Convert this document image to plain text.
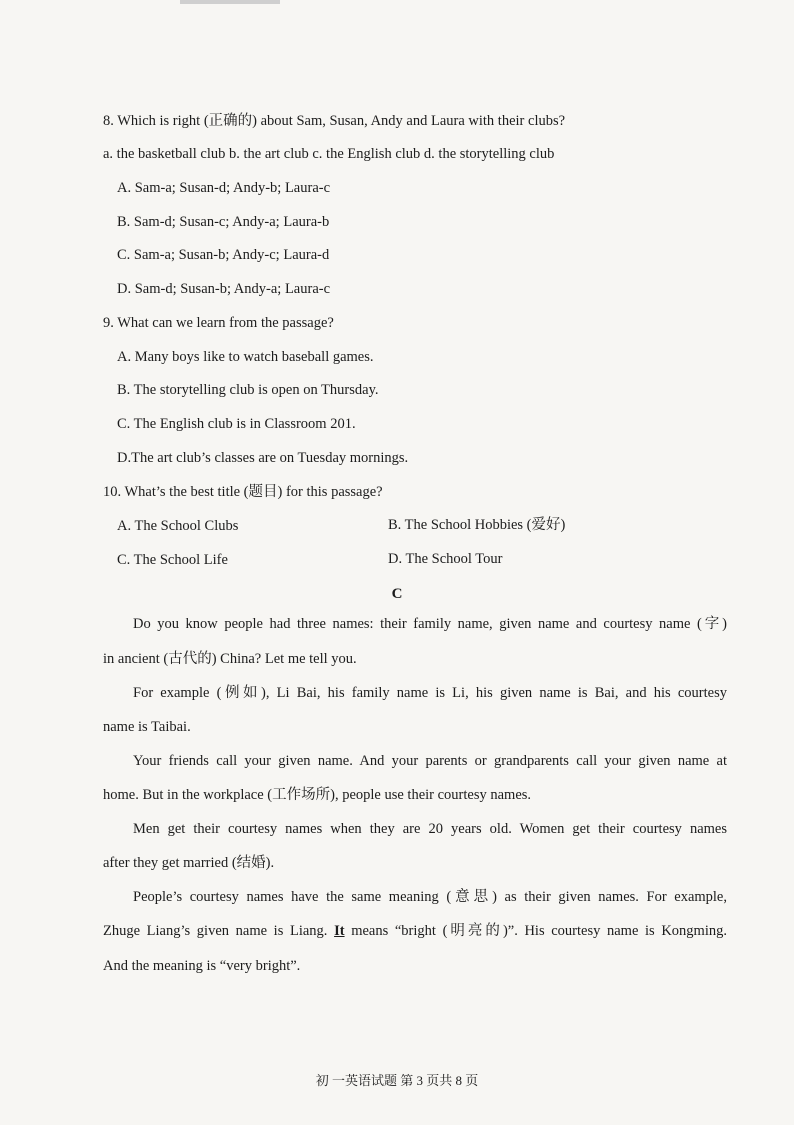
8. Which is right (正确的) about Sam, Susan, Andy and Laura with their clubs?
a. the basketball club b. the art club c. the English club d. the storytelling club
A. Sam-a; Susan-d; Andy-b; Laura-c
B. Sam-d; Susan-c; Andy-a; Laura-b
C. Sam-a; Susan-b; Andy-c; Laura-d
D. Sam-d; Susan-b; Andy-a; Laura-c
9. What can we learn from the passage?
A. Many boys like to watch baseball games.
B. The storytelling club is open on Thursday.
C. The English club is in Classroom 201.
D.The art club’s classes are on Tuesday mornings.
10. What’s the best title (题目) for this passage?
A. The School Clubs	B. The School Hobbies (爱好)
C. The School Life	D. The School Tour
C
Do you know people had three names: their family name, given name and courtesy name (字)
in ancient (古代的) China? Let me tell you.
For example (例如), Li Bai, his family name is Li, his given name is Bai, and his courtesy
name is Taibai.
Your friends call your given name. And your parents or grandparents call your given name at
home. But in the workplace (工作场所), people use their courtesy names.
Men get their courtesy names when they are 20 years old. Women get their courtesy names
after they get married (结婚).
People’s courtesy names have the same meaning (意思) as their given names. For example,
Zhuge Liang’s given name is Liang. It means “bright (明亮的)”. His courtesy name is Kongming.
And the meaning is “very bright”.
初 一英语试题 第 3 页共 8 页
